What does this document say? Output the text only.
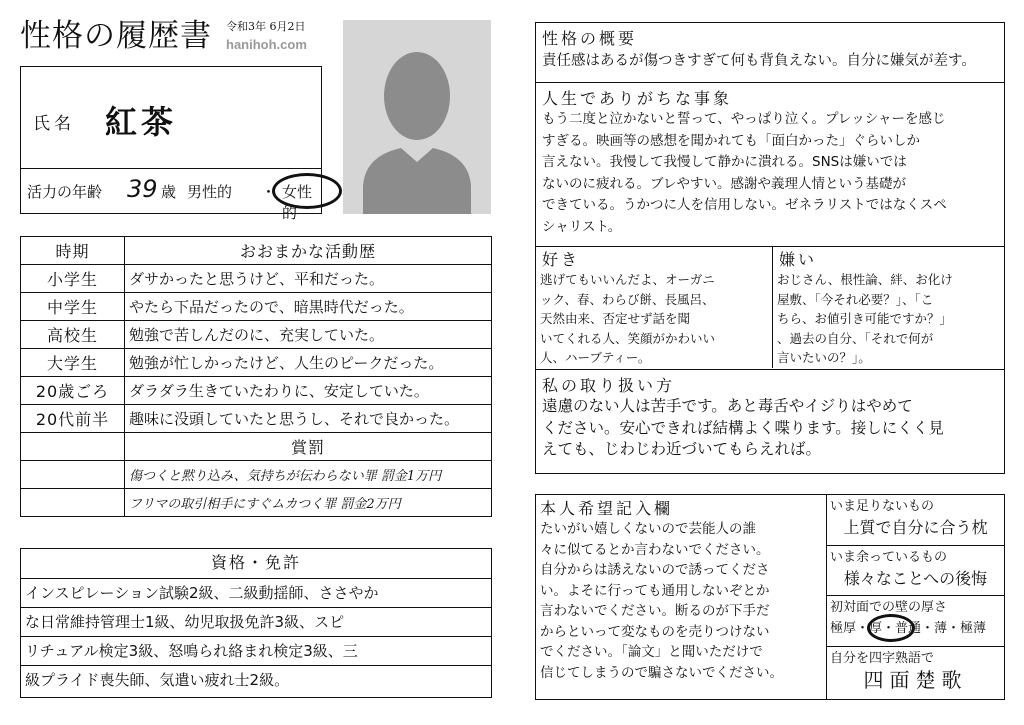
性格の履歴書 令和3年 6月2日
hanihoh.com
氏名 紅茶
活力の年齢 39 歳 男性的 ・ 女性的
時期	おおまかな活動歴
小学生	ダサかったと思うけど、平和だった。
中学生	やたら下品だったので、暗黒時代だった。
高校生	勉強で苦しんだのに、充実していた。
大学生	勉強が忙しかったけど、人生のピークだった。
20歳ごろ	ダラダラ生きていたわりに、安定していた。
20代前半	趣味に没頭していたと思うし、それで良かった。
	賞罰
	傷つくと黙り込み、気持ちが伝わらない罪 罰金1万円
	フリマの取引相手にすぐムカつく罪 罰金2万円
資格・免許
インスピレーション試験2級、二級動揺師、ささやか
な日常維持管理士1級、幼児取扱免許3級、スピ
リチュアル検定3級、怒鳴られ絡まれ検定3級、三
級プライド喪失師、気遣い疲れ士2級。
性格の概要
責任感はあるが傷つきすぎて何も背負えない。自分に嫌気が差す。
人生でありがちな事象
もう二度と泣かないと誓って、やっぱり泣く。プレッシャーを感じ
すぎる。映画等の感想を聞かれても「面白かった」ぐらいしか
言えない。我慢して我慢して静かに潰れる。SNSは嫌いでは
ないのに疲れる。ブレやすい。感謝や義理人情という基礎が
できている。うかつに人を信用しない。ゼネラリストではなくスペ
シャリスト。
好き
逃げてもいいんだよ、オーガニ
ック、春、わらび餅、長風呂、
天然由来、否定せず話を聞
いてくれる人、笑顔がかわいい
人、ハーブティー。
嫌い
おじさん、根性論、絆、お化け
屋敷、「今それ必要？」、「こ
ちら、お値引き可能ですか？」
、過去の自分、「それで何が
言いたいの？」。
私の取り扱い方
遠慮のない人は苦手です。あと毒舌やイジりはやめて
ください。安心できれば結構よく喋ります。接しにくく見
えても、じわじわ近づいてもらえれば。
本人希望記入欄
たいがい嬉しくないので芸能人の誰
々に似てるとか言わないでください。
自分からは誘えないので誘ってくださ
い。よそに行っても通用しないぞとか
言わないでください。断るのが下手だ
からといって変なものを売りつけない
でください。「論文」と聞いただけで
信じてしまうので騙さないでください。
いま足りないもの
上質で自分に合う枕
いま余っているもの
様々なことへの後悔
初対面での壁の厚さ
極厚・厚・普通・薄・極薄
自分を四字熟語で
四面楚歌
